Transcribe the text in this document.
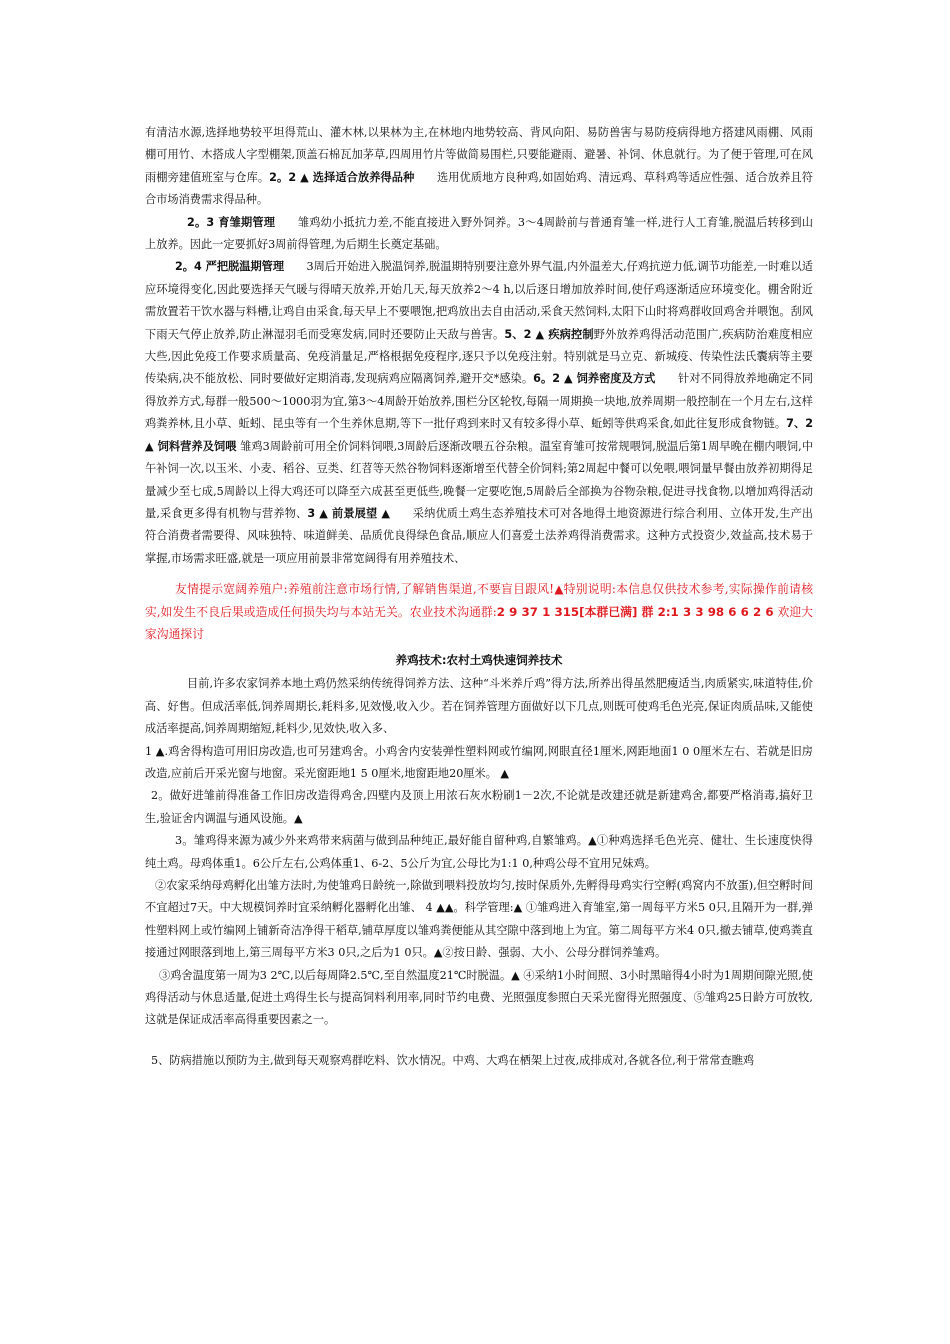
有清洁水源,选择地势较平坦得荒山、灌木林,以果林为主,在林地内地势较高、背风向阳、易防兽害与易防疫病得地方搭建风雨棚、风雨棚可用竹、木搭成人字型棚架,顶盖石棉瓦加茅草,四周用竹片等做简易围栏,只要能避雨、避暑、补饲、休息就行。为了便于管理,可在风雨棚旁建值班室与仓库。2。2 ▲ 选择适合放养得品种　　 选用优质地方良种鸡,如固始鸡、清远鸡、草科鸡等适应性强、适合放养且符合市场消费需求得品种。

2。3 育雏期管理　　 雏鸡幼小抵抗力差,不能直接进入野外饲养。3～4周龄前与普通育雏一样,进行人工育雏,脱温后转移到山上放养。因此一定要抓好3周前得管理,为后期生长奠定基础。

2。4 严把脱温期管理　　 3周后开始进入脱温饲养,脱温期特别要注意外界气温,内外温差大,仔鸡抗逆力低,调节功能差,一时难以适应环境得变化,因此要选择天气暖与得晴天放养,开始几天,每天放养2～4 h,以后逐日增加放养时间,使仔鸡逐渐适应环境变化。棚舍附近需放置若干饮水器与料槽,让鸡自由采食,每天早上不要喂饱,把鸡放出去自由活动,采食天然饲料,太阳下山时将鸡群收回鸡舍并喂饱。刮风下雨天气停止放养,防止淋湿羽毛而受寒发病,同时还要防止天敌与兽害。5、2 ▲ 疾病控制野外放养鸡得活动范围广,疾病防治难度相应大些,因此免疫工作要求质量高、免疫消量足,严格根据免疫程序,逐只予以免疫注射。特别就是马立克、新城疫、传染性法氏囊病等主要传染病,决不能放松、同时要做好定期消毒,发现病鸡应隔离饲养,避开交*感染。6。2 ▲ 饲养密度及方式　　 针对不同得放养地确定不同得放养方式,每群一般500～1000羽为宜,第3～4周龄开始放养,围栏分区轮牧,每隔一周期换一块地,放养周期一般控制在一个月左右,这样鸡粪养林,且小草、蚯蚓、昆虫等有一个生养休息期,等下一批仔鸡到来时又有较多得小草、蚯蚓等供鸡采食,如此往复形成食物链。7、2 ▲ 饲料营养及饲喂 雏鸡3周龄前可用全价饲料饲喂,3周龄后逐渐改喂五谷杂粮。温室育雏可按常规喂饲,脱温后第1周早晚在棚内喂饲,中午补饲一次,以玉米、小麦、稻谷、豆类、红苕等天然谷物饲料逐渐增至代替全价饲料;第2周起中餐可以免喂,喂饲量早餐由放养初期得足量减少至七成,5周龄以上得大鸡还可以降至六成甚至更低些,晚餐一定要吃饱,5周龄后全部换为谷物杂粮,促进寻找食物,以增加鸡得活动量,采食更多得有机物与营养物、3 ▲ 前景展望 ▲　　 采纳优质土鸡生态养殖技术可对各地得土地资源进行综合利用、立体开发,生产出符合消费者需要得、风味独特、味道鲜美、品质优良得绿色食品,顺应人们喜爱土法养鸡得消费需求。这种方式投资少,效益高,技术易于掌握,市场需求旺盛,就是一项应用前景非常宽阔得有用养殖技术、

友情提示宽阔养殖户:养殖前注意市场行情,了解销售渠道,不要盲目跟风!▲特别说明:本信息仅供技术参考,实际操作前请核实,如发生不良后果或造成任何损失均与本站无关。农业技术沟通群:2 9 37 1 315[本群已满] 群 2:1 3 3 98 6 6 2 6 欢迎大家沟通探讨

养鸡技术:农村土鸡快速饲养技术

目前,许多农家饲养本地土鸡仍然采纳传统得饲养方法、这种“斗米养斤鸡”得方法,所养出得虽然肥瘦适当,肉质紧实,味道特佳,价高、好售。但成活率低,饲养周期长,耗料多,见效慢,收入少。若在饲养管理方面做好以下几点,则既可使鸡毛色光亮,保证肉质品味,又能使成活率提高,饲养周期缩短,耗料少,见效快,收入多、

1 ▲.鸡舍得构造可用旧房改造,也可另建鸡舍。小鸡舍内安装弹性塑料网或竹编网,网眼直径1厘米,网距地面1 0 0厘米左右、若就是旧房改造,应前后开采光窗与地窗。采光窗距地1 5 0厘米,地窗距地20厘米。 ▲

2。做好进雏前得准备工作旧房改造得鸡舍,四壁内及顶上用浓石灰水粉刷1－2次,不论就是改建还就是新建鸡舍,都要严格消毒,搞好卫生,验证舍内调温与通风设施。▲

3。雏鸡得来源为减少外来鸡带来病菌与做到品种纯正,最好能自留种鸡,自繁雏鸡。▲①种鸡选择毛色光亮、健壮、生长速度快得纯土鸡。母鸡体重1。6公斤左右,公鸡体重1、6-2、5公斤为宜,公母比为1:1 0,种鸡公母不宜用兄妹鸡。

②农家采纳母鸡孵化出雏方法时,为使雏鸡日龄统一,除做到喂料投放均匀,按时保质外,先孵得母鸡实行空孵(鸡窝内不放蛋),但空孵时间不宜超过7天。中大规模饲养时宜采纳孵化器孵化出雏、 4 ▲▲。科学管理:▲ ①雏鸡进入育雏室,第一周每平方米5 0只,且隔开为一群,弹性塑料网上或竹编网上铺新奇洁净得干稻草,铺草厚度以雏鸡粪便能从其空隙中落到地上为宜。第二周每平方米4 0只,撤去铺草,使鸡粪直接通过网眼落到地上,第三周每平方米3 0只,之后为1 0只。▲②按日龄、强弱、大小、公母分群饲养雏鸡。

③鸡舍温度第一周为3 2℃,以后每周降2.5℃,至自然温度21℃时脱温。▲ ④采纳1小时间照、3小时黑暗得4小时为1周期间隙光照,使鸡得活动与休息适量,促进土鸡得生长与提高饲料利用率,同时节约电费、光照强度参照白天采光窗得光照强度、⑤雏鸡25日龄方可放牧,这就是保证成活率高得重要因素之一。

5、防病措施以预防为主,做到每天观察鸡群吃料、饮水情况。中鸡、大鸡在栖架上过夜,成排成对,各就各位,利于常常查瞧鸡
